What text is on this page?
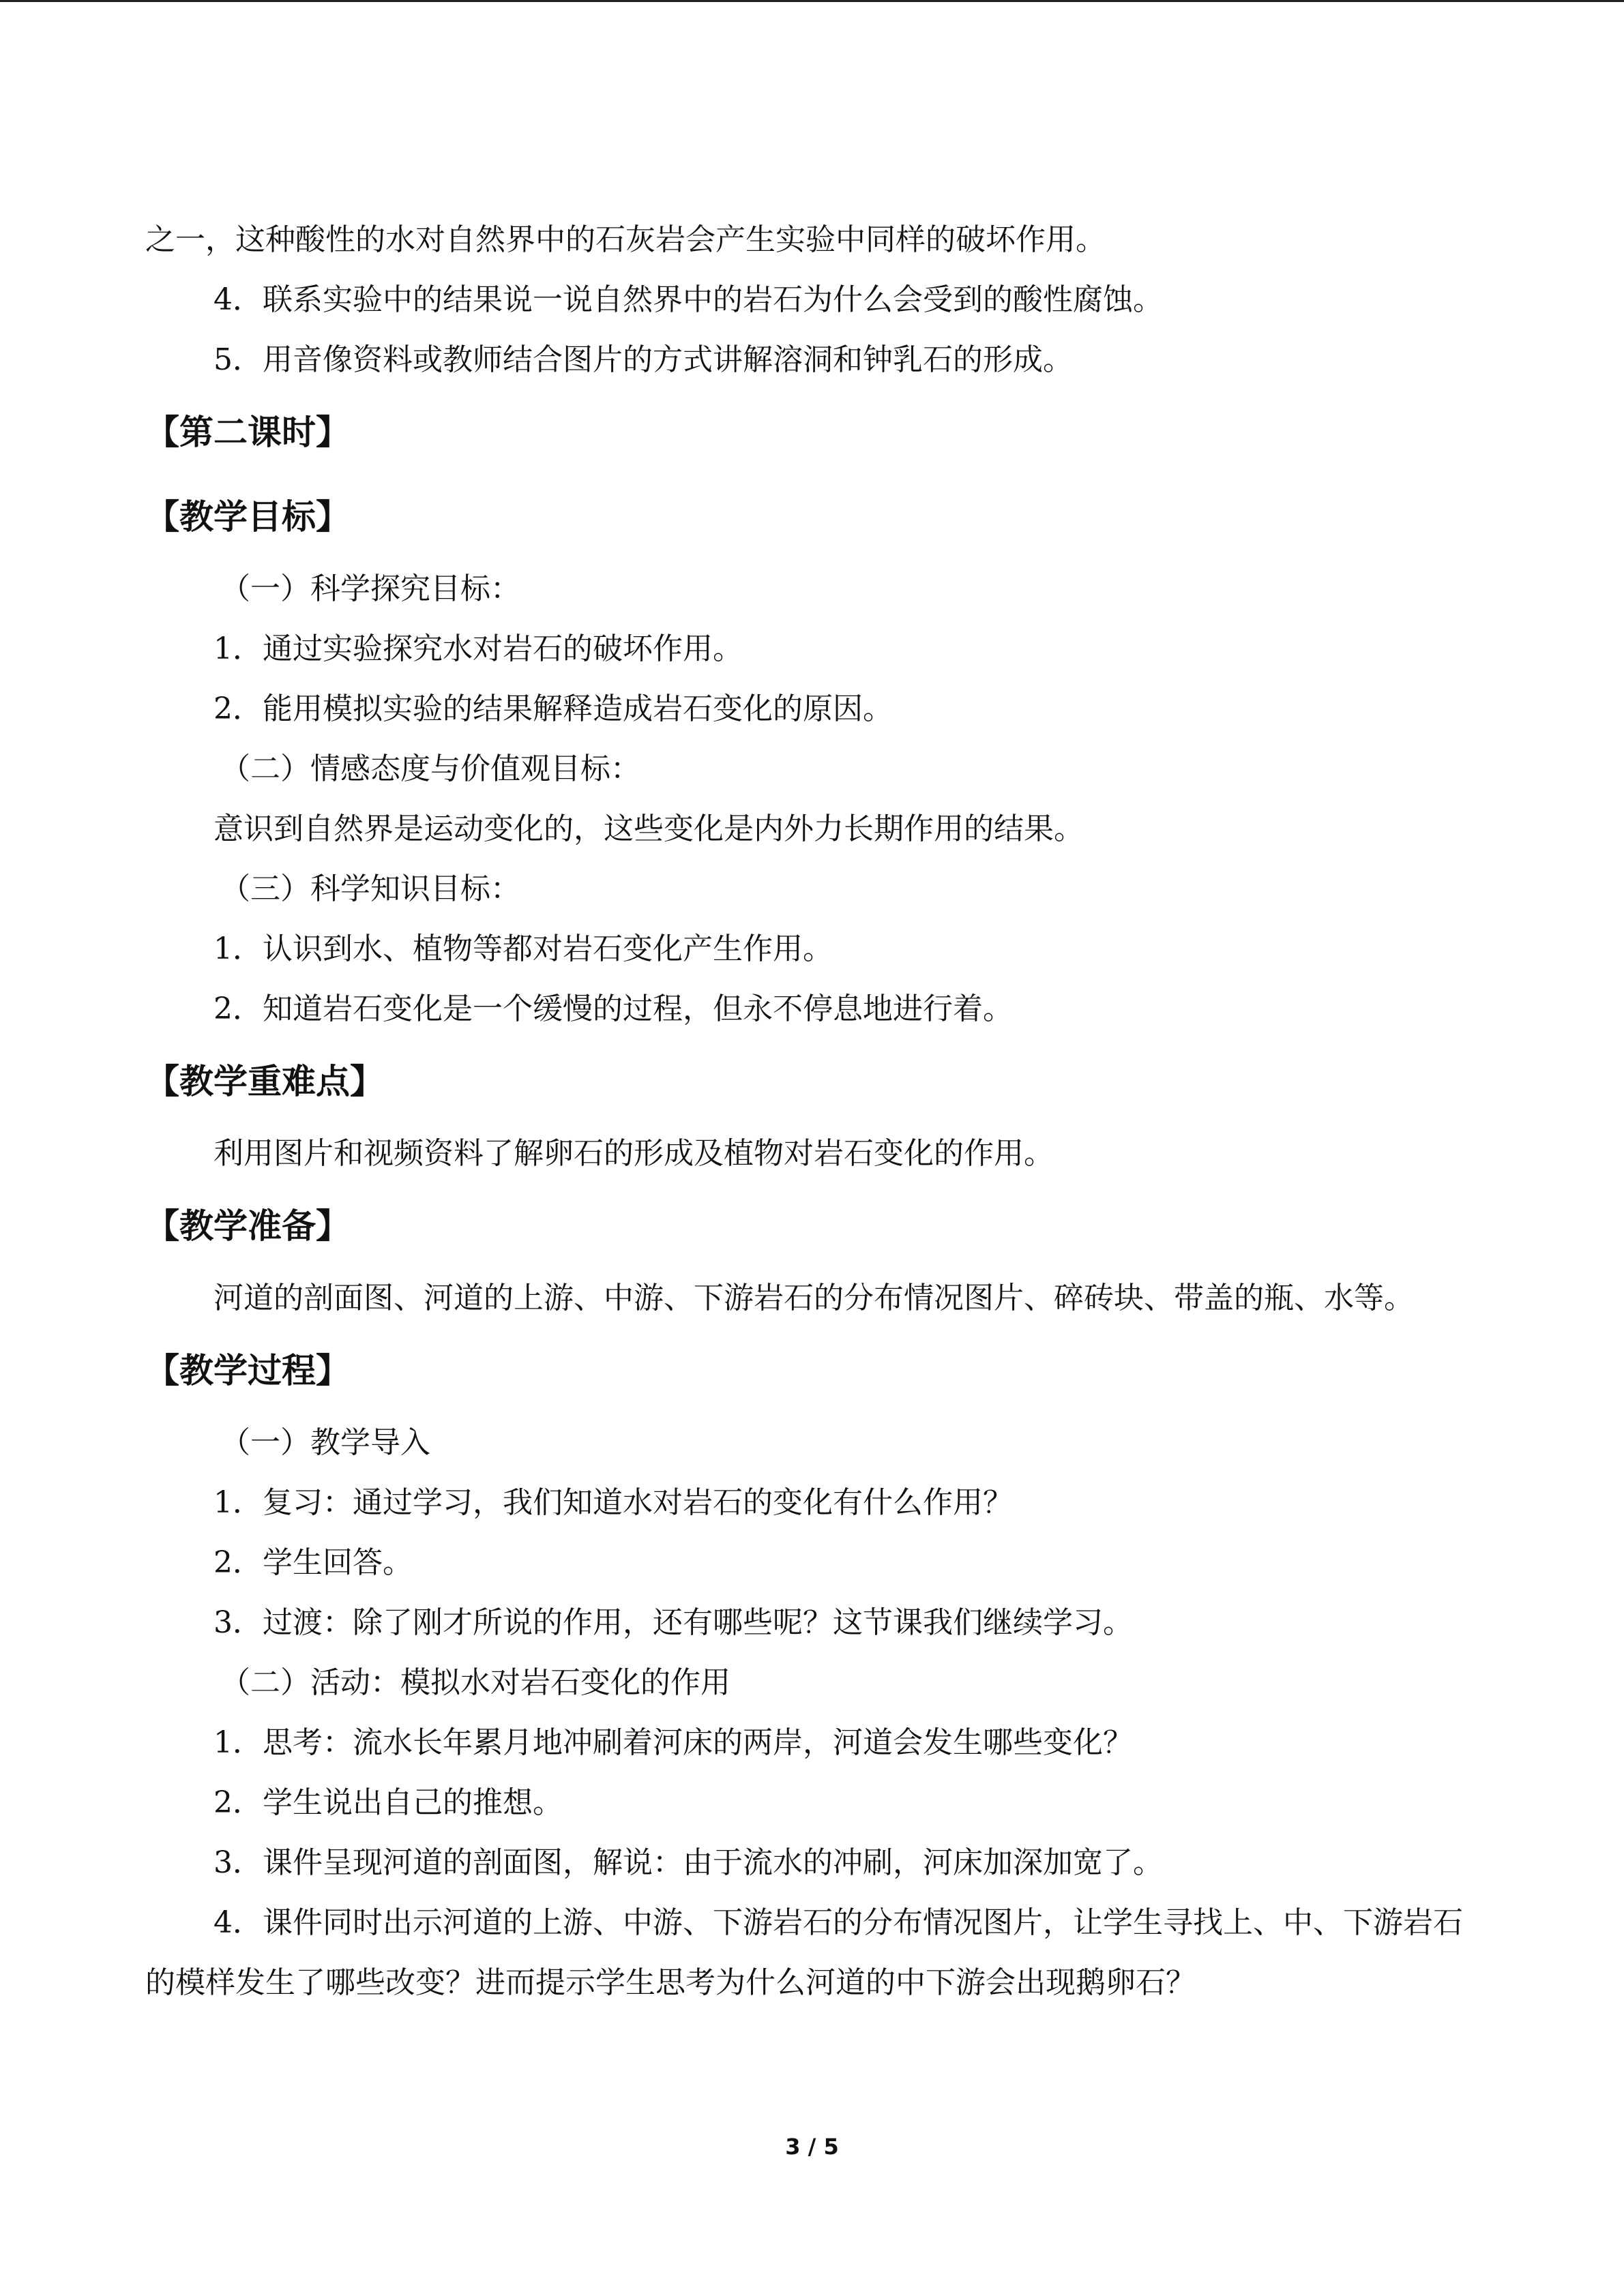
之一，这种酸性的水对自然界中的石灰岩会产生实验中同样的破坏作用。

4．联系实验中的结果说一说自然界中的岩石为什么会受到的酸性腐蚀。

5．用音像资料或教师结合图片的方式讲解溶洞和钟乳石的形成。

【第二课时】
【教学目标】

（一）科学探究目标：

1．通过实验探究水对岩石的破坏作用。

2．能用模拟实验的结果解释造成岩石变化的原因。

（二）情感态度与价值观目标：

意识到自然界是运动变化的，这些变化是内外力长期作用的结果。

（三）科学知识目标：

1．认识到水、植物等都对岩石变化产生作用。

2．知道岩石变化是一个缓慢的过程，但永不停息地进行着。

【教学重难点】

利用图片和视频资料了解卵石的形成及植物对岩石变化的作用。

【教学准备】

河道的剖面图、河道的上游、中游、下游岩石的分布情况图片、碎砖块、带盖的瓶、水等。

【教学过程】

（一）教学导入

1．复习：通过学习，我们知道水对岩石的变化有什么作用？

2．学生回答。

3．过渡：除了刚才所说的作用，还有哪些呢？这节课我们继续学习。

（二）活动：模拟水对岩石变化的作用

1．思考：流水长年累月地冲刷着河床的两岸，河道会发生哪些变化？

2．学生说出自己的推想。

3．课件呈现河道的剖面图，解说：由于流水的冲刷，河床加深加宽了。

4．课件同时出示河道的上游、中游、下游岩石的分布情况图片，让学生寻找上、中、下游岩石的模样发生了哪些改变？进而提示学生思考为什么河道的中下游会出现鹅卵石？

3 / 5
